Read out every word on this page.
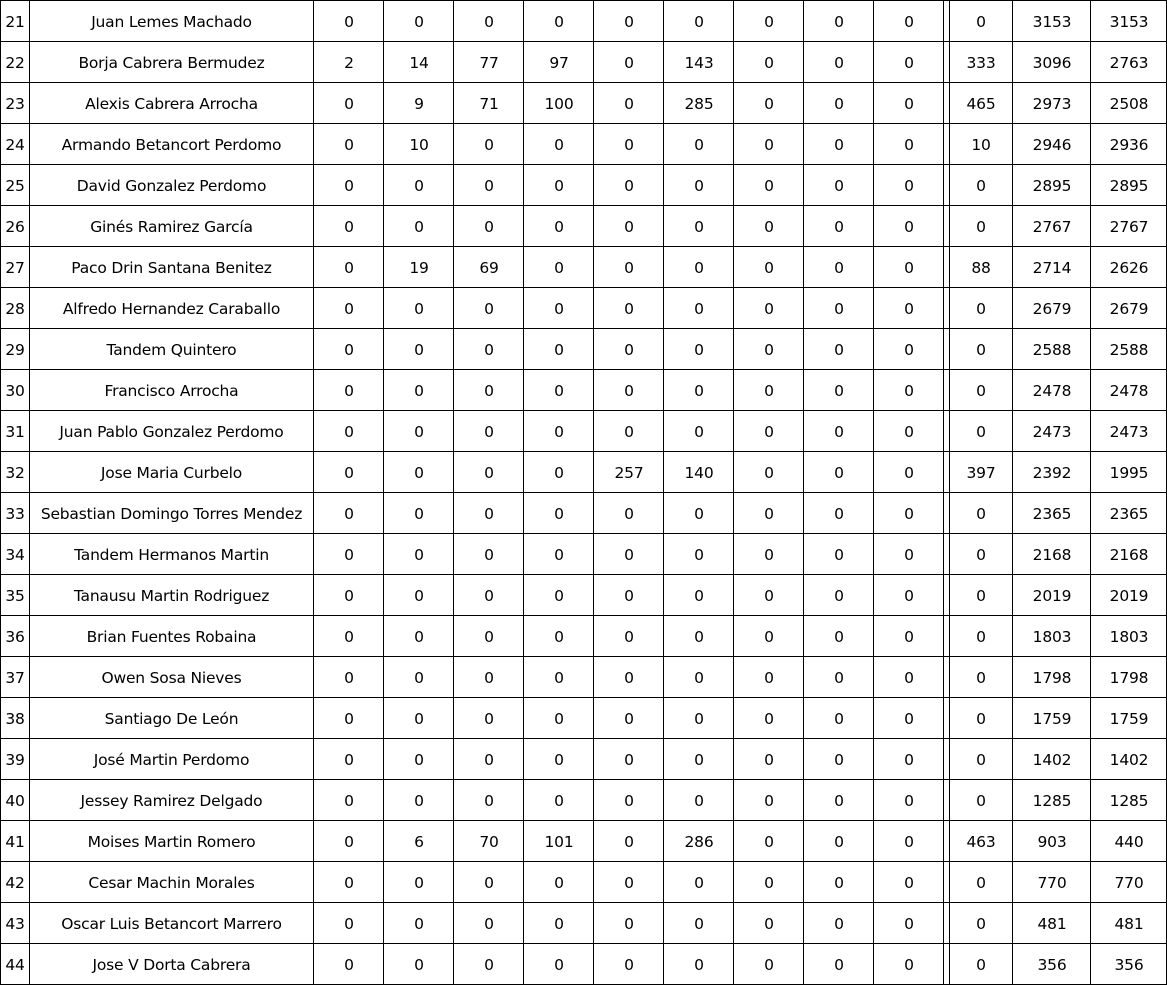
21	Juan Lemes Machado	0	0	0	0	0	0	0	0	0	0	3153	3153
22	Borja Cabrera Bermudez	2	14	77	97	0	143	0	0	0	333	3096	2763
23	Alexis Cabrera Arrocha	0	9	71	100	0	285	0	0	0	465	2973	2508
24	Armando Betancort Perdomo	0	10	0	0	0	0	0	0	0	10	2946	2936
25	David Gonzalez Perdomo	0	0	0	0	0	0	0	0	0	0	2895	2895
26	Ginés Ramirez García	0	0	0	0	0	0	0	0	0	0	2767	2767
27	Paco Drin Santana Benitez	0	19	69	0	0	0	0	0	0	88	2714	2626
28	Alfredo Hernandez Caraballo	0	0	0	0	0	0	0	0	0	0	2679	2679
29	Tandem Quintero	0	0	0	0	0	0	0	0	0	0	2588	2588
30	Francisco Arrocha	0	0	0	0	0	0	0	0	0	0	2478	2478
31	Juan Pablo Gonzalez Perdomo	0	0	0	0	0	0	0	0	0	0	2473	2473
32	Jose Maria Curbelo	0	0	0	0	257	140	0	0	0	397	2392	1995
33	Sebastian Domingo Torres Mendez	0	0	0	0	0	0	0	0	0	0	2365	2365
34	Tandem Hermanos Martin	0	0	0	0	0	0	0	0	0	0	2168	2168
35	Tanausu Martin Rodriguez	0	0	0	0	0	0	0	0	0	0	2019	2019
36	Brian Fuentes Robaina	0	0	0	0	0	0	0	0	0	0	1803	1803
37	Owen Sosa Nieves	0	0	0	0	0	0	0	0	0	0	1798	1798
38	Santiago De León	0	0	0	0	0	0	0	0	0	0	1759	1759
39	José Martin Perdomo	0	0	0	0	0	0	0	0	0	0	1402	1402
40	Jessey Ramirez Delgado	0	0	0	0	0	0	0	0	0	0	1285	1285
41	Moises Martin Romero	0	6	70	101	0	286	0	0	0	463	903	440
42	Cesar Machin Morales	0	0	0	0	0	0	0	0	0	0	770	770
43	Oscar Luis Betancort Marrero	0	0	0	0	0	0	0	0	0	0	481	481
44	Jose V Dorta Cabrera	0	0	0	0	0	0	0	0	0	0	356	356
